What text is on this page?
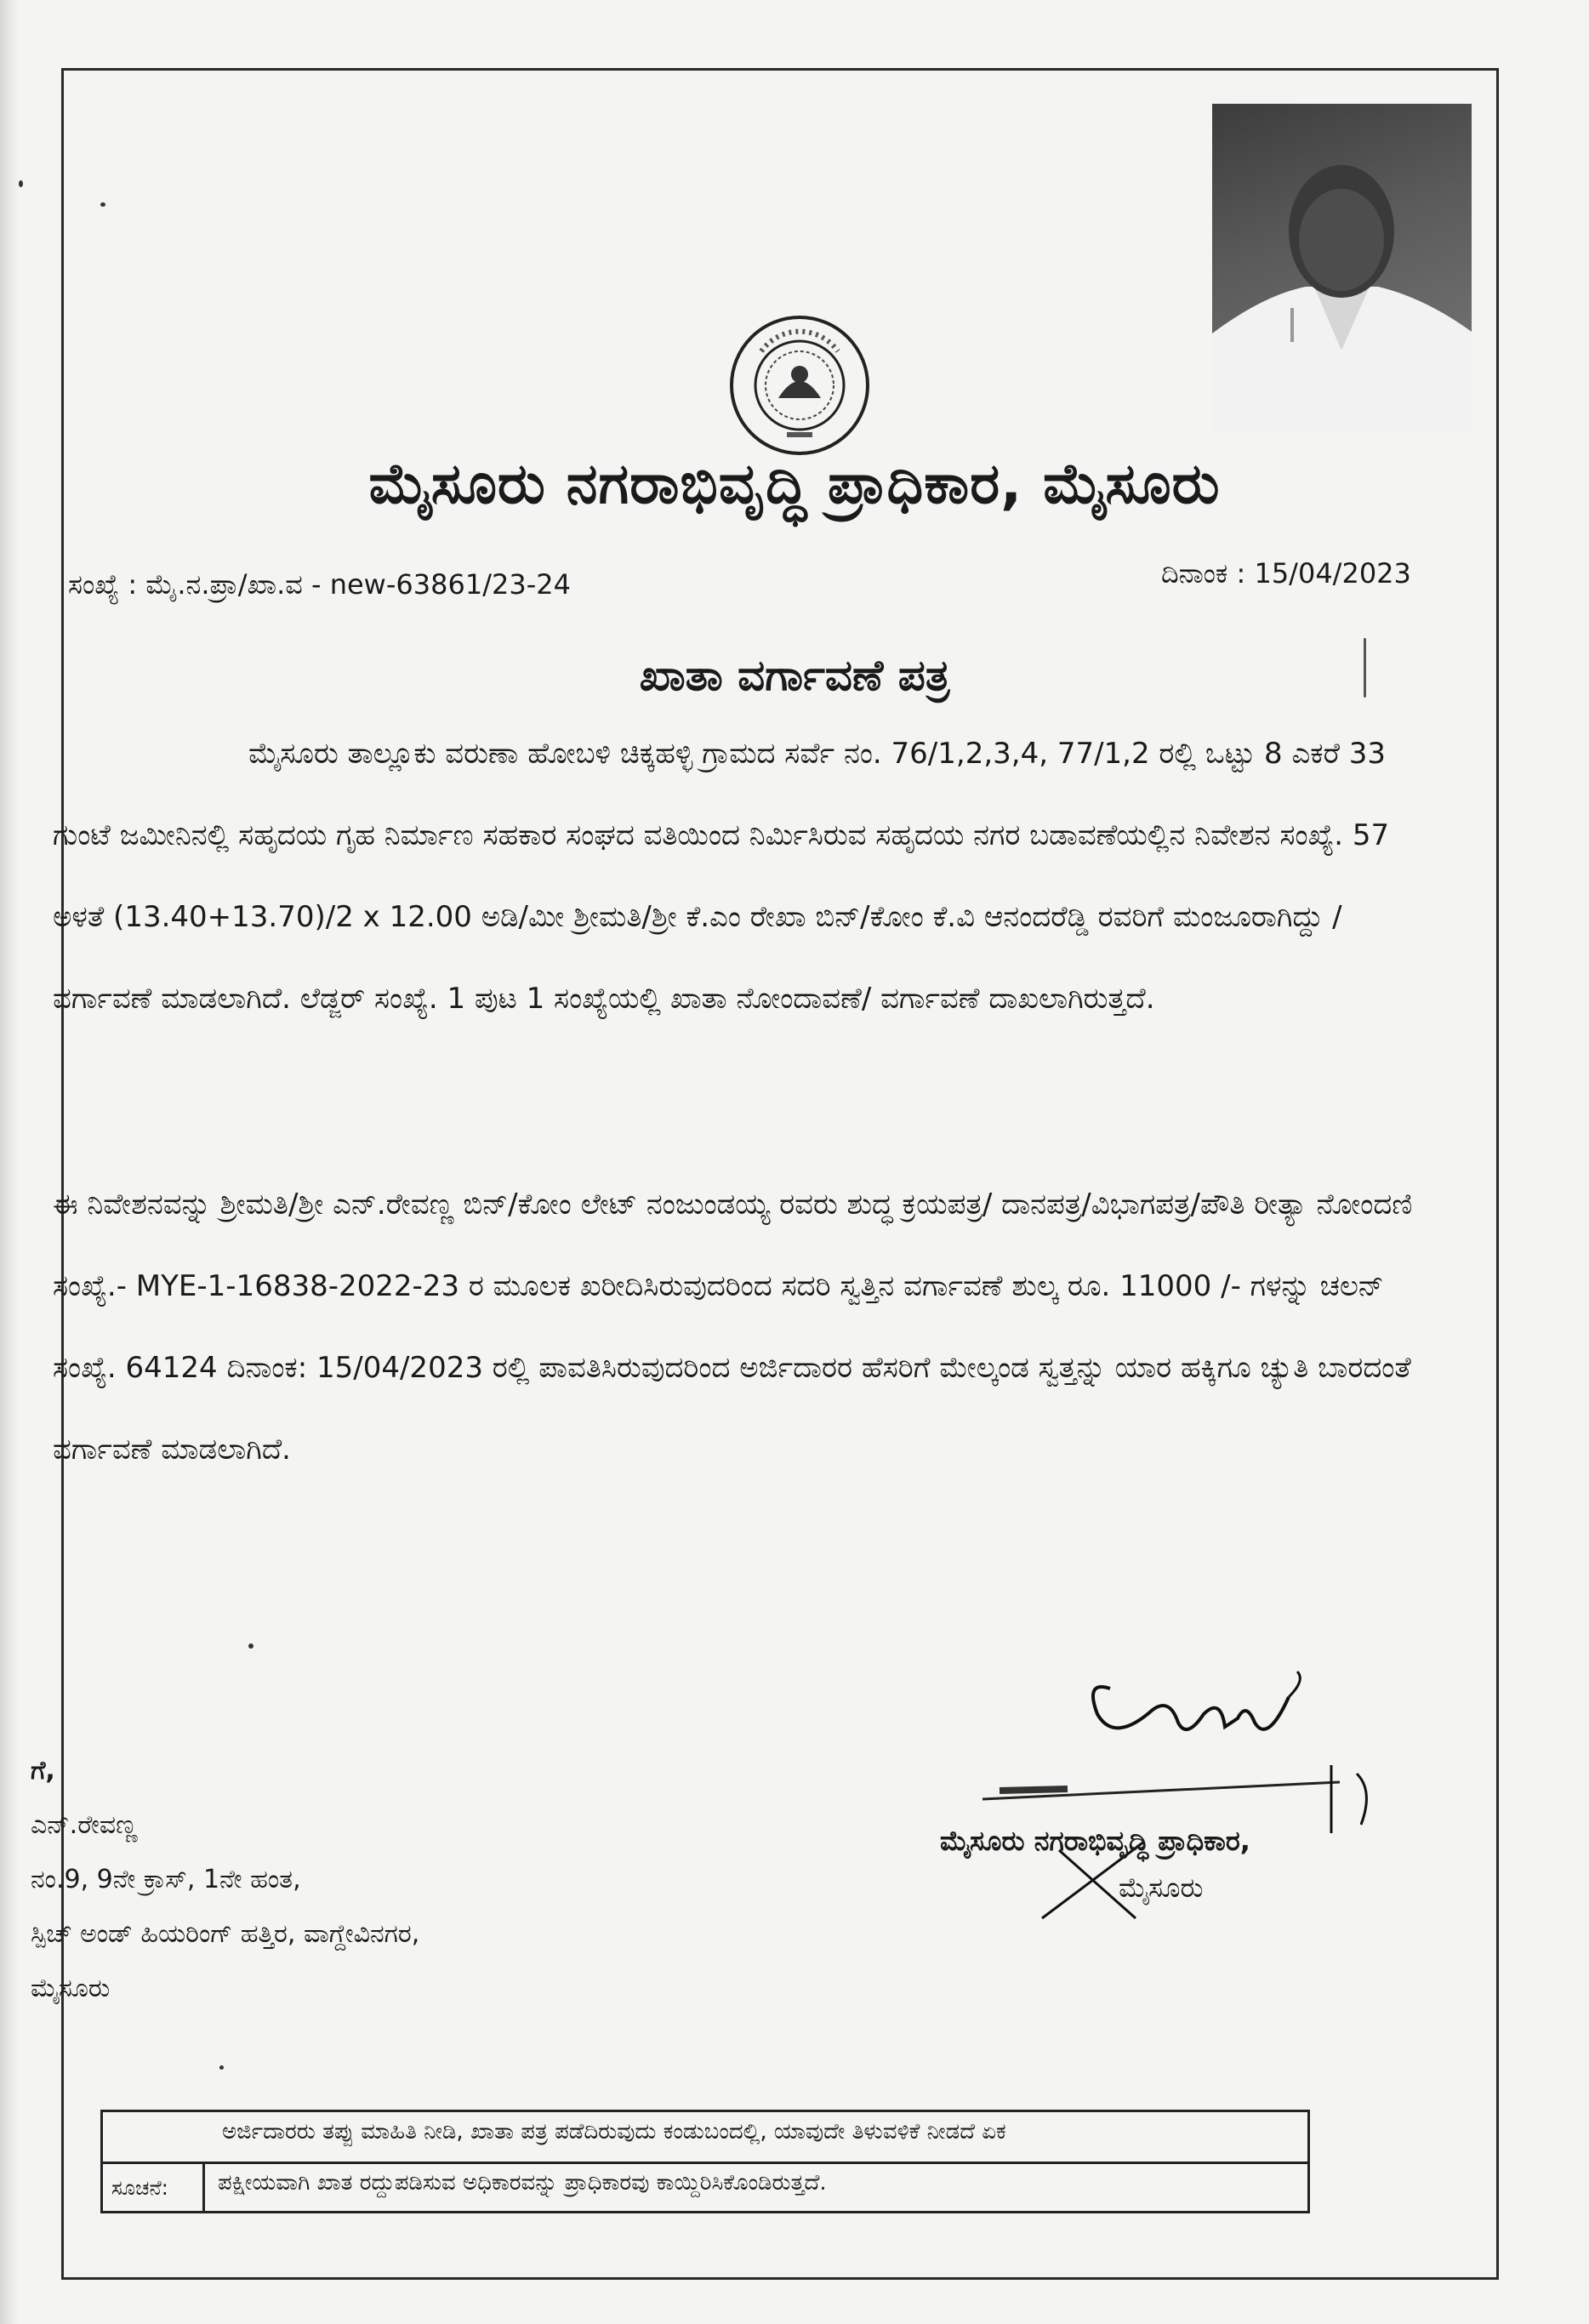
ಮೈಸೂರು ನಗರಾಭಿವೃದ್ಧಿ ಪ್ರಾಧಿಕಾರ, ಮೈಸೂರು
ಸಂಖ್ಯೆ : ಮೈ.ನ.ಪ್ರಾ/ಖಾ.ವ - new-63861/23-24	ದಿನಾಂಕ : 15/04/2023
ಖಾತಾ ವರ್ಗಾವಣೆ ಪತ್ರ
ಮೈಸೂರು ತಾಲ್ಲೂಕು ವರುಣಾ ಹೋಬಳಿ ಚಿಕ್ಕಹಳ್ಳಿ ಗ್ರಾಮದ ಸರ್ವೆ ನಂ. 76/1,2,3,4, 77/1,2 ರಲ್ಲಿ ಒಟ್ಟು 8 ಎಕರೆ 33 ಗುಂಟೆ ಜಮೀನಿನಲ್ಲಿ ಸಹೃದಯ ಗೃಹ ನಿರ್ಮಾಣ ಸಹಕಾರ ಸಂಘದ ವತಿಯಿಂದ ನಿರ್ಮಿಸಿರುವ ಸಹೃದಯ ನಗರ ಬಡಾವಣೆಯಲ್ಲಿನ ನಿವೇಶನ ಸಂಖ್ಯೆ. 57 ಅಳತೆ (13.40+13.70)/2 x 12.00 ಅಡಿ/ಮೀ ಶ್ರೀಮತಿ/ಶ್ರೀ ಕೆ.ಎಂ ರೇಖಾ ಬಿನ್/ಕೋಂ ಕೆ.ವಿ ಆನಂದರೆಡ್ಡಿ ರವರಿಗೆ ಮಂಜೂರಾಗಿದ್ದು / ವರ್ಗಾವಣೆ ಮಾಡಲಾಗಿದೆ. ಲೆಡ್ಜರ್ ಸಂಖ್ಯೆ. 1 ಪುಟ 1 ಸಂಖ್ಯೆಯಲ್ಲಿ ಖಾತಾ ನೋಂದಾವಣೆ/ ವರ್ಗಾವಣೆ ದಾಖಲಾಗಿರುತ್ತದೆ.
ಈ ನಿವೇಶನವನ್ನು ಶ್ರೀಮತಿ/ಶ್ರೀ ಎನ್.ರೇವಣ್ಣ ಬಿನ್/ಕೋಂ ಲೇಟ್ ನಂಜುಂಡಯ್ಯ ರವರು ಶುದ್ಧ ಕ್ರಯಪತ್ರ/ ದಾನಪತ್ರ/ವಿಭಾಗಪತ್ರ/ಪೌತಿ ರೀತ್ಯಾ ನೋಂದಣಿ ಸಂಖ್ಯೆ.- MYE-1-16838-2022-23 ರ ಮೂಲಕ ಖರೀದಿಸಿರುವುದರಿಂದ ಸದರಿ ಸ್ವತ್ತಿನ ವರ್ಗಾವಣೆ ಶುಲ್ಕ ರೂ. 11000 /- ಗಳನ್ನು ಚಲನ್ ಸಂಖ್ಯೆ. 64124 ದಿನಾಂಕ: 15/04/2023 ರಲ್ಲಿ ಪಾವತಿಸಿರುವುದರಿಂದ ಅರ್ಜಿದಾರರ ಹೆಸರಿಗೆ ಮೇಲ್ಕಂಡ ಸ್ವತ್ತನ್ನು ಯಾರ ಹಕ್ಕಿಗೂ ಚ್ಯುತಿ ಬಾರದಂತೆ ವರ್ಗಾವಣೆ ಮಾಡಲಾಗಿದೆ.
ಗೆ,
ಎನ್.ರೇವಣ್ಣ
ನಂ.9, 9ನೇ ಕ್ರಾಸ್, 1ನೇ ಹಂತ,
ಸ್ಪಿಚ್ ಅಂಡ್ ಹಿಯರಿಂಗ್ ಹತ್ತಿರ, ವಾಗ್ದೇವಿನಗರ,
ಮೈಸೂರು
ಮೈಸೂರು ನಗರಾಭಿವೃದ್ಧಿ ಪ್ರಾಧಿಕಾರ,
ಮೈಸೂರು
ಅರ್ಜಿದಾರರು ತಪ್ಪು ಮಾಹಿತಿ ನೀಡಿ, ಖಾತಾ ಪತ್ರ ಪಡೆದಿರುವುದು ಕಂಡುಬಂದಲ್ಲಿ, ಯಾವುದೇ ತಿಳುವಳಿಕೆ ನೀಡದೆ ಏಕ
ಸೂಚನೆ:	ಪಕ್ಷೀಯವಾಗಿ ಖಾತ ರದ್ದುಪಡಿಸುವ ಅಧಿಕಾರವನ್ನು ಪ್ರಾಧಿಕಾರವು ಕಾಯ್ದಿರಿಸಿಕೊಂಡಿರುತ್ತದೆ.
